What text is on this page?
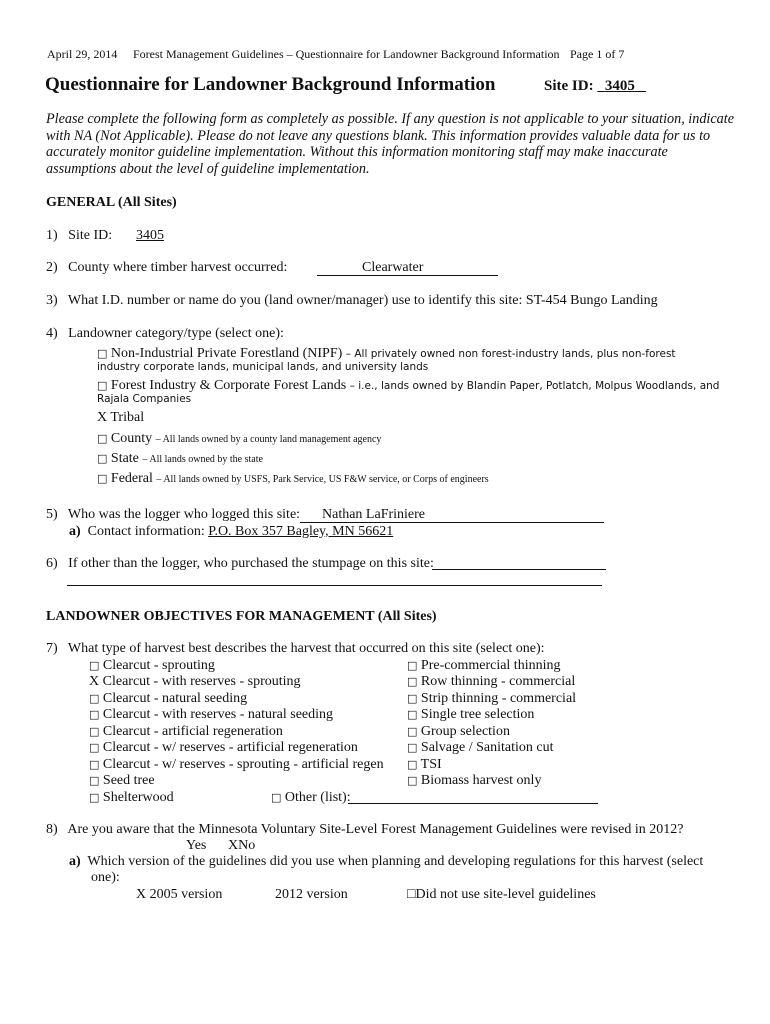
April 29, 2014 Forest Management Guidelines – Questionnaire for Landowner Background Information Page 1 of 7
Questionnaire for Landowner Background Information	Site ID: 3405
Please complete the following form as completely as possible. If any question is not applicable to your situation, indicate with NA (Not Applicable). Please do not leave any questions blank. This information provides valuable data for us to accurately monitor guideline implementation. Without this information monitoring staff may make inaccurate assumptions about the level of guideline implementation.
GENERAL (All Sites)
1) Site ID: 3405
2) County where timber harvest occurred:	Clearwater
3) What I.D. number or name do you (land owner/manager) use to identify this site: ST-454 Bungo Landing
4) Landowner category/type (select one):
□ Non-Industrial Private Forestland (NIPF) – All privately owned non forest-industry lands, plus non-forest
industry corporate lands, municipal lands, and university lands
□ Forest Industry & Corporate Forest Lands – i.e., lands owned by Blandin Paper, Potlatch, Molpus Woodlands, and
Rajala Companies
X Tribal
□ County – All lands owned by a county land management agency
□ State – All lands owned by the state
□ Federal – All lands owned by USFS, Park Service, US F&W service, or Corps of engineers
5) Who was the logger who logged this site: Nathan LaFriniere
a) Contact information: P.O. Box 357 Bagley, MN 56621
6) If other than the logger, who purchased the stumpage on this site:
LANDOWNER OBJECTIVES FOR MANAGEMENT (All Sites)
7) What type of harvest best describes the harvest that occurred on this site (select one):
□ Clearcut - sprouting
X Clearcut - with reserves - sprouting
□ Clearcut - natural seeding
□ Clearcut - with reserves - natural seeding
□ Clearcut - artificial regeneration
□ Clearcut - w/ reserves - artificial regeneration
□ Clearcut - w/ reserves - sprouting - artificial regen
□ Seed tree
□ Shelterwood
□ Pre-commercial thinning
□ Row thinning - commercial
□ Strip thinning - commercial
□ Single tree selection
□ Group selection
□ Salvage / Sanitation cut
□ TSI
□ Biomass harvest only
□ Other (list):
8) Are you aware that the Minnesota Voluntary Site-Level Forest Management Guidelines were revised in 2012?
Yes XNo
a) Which version of the guidelines did you use when planning and developing regulations for this harvest (select
one):
X 2005 version	2012 version	□Did not use site-level guidelines
